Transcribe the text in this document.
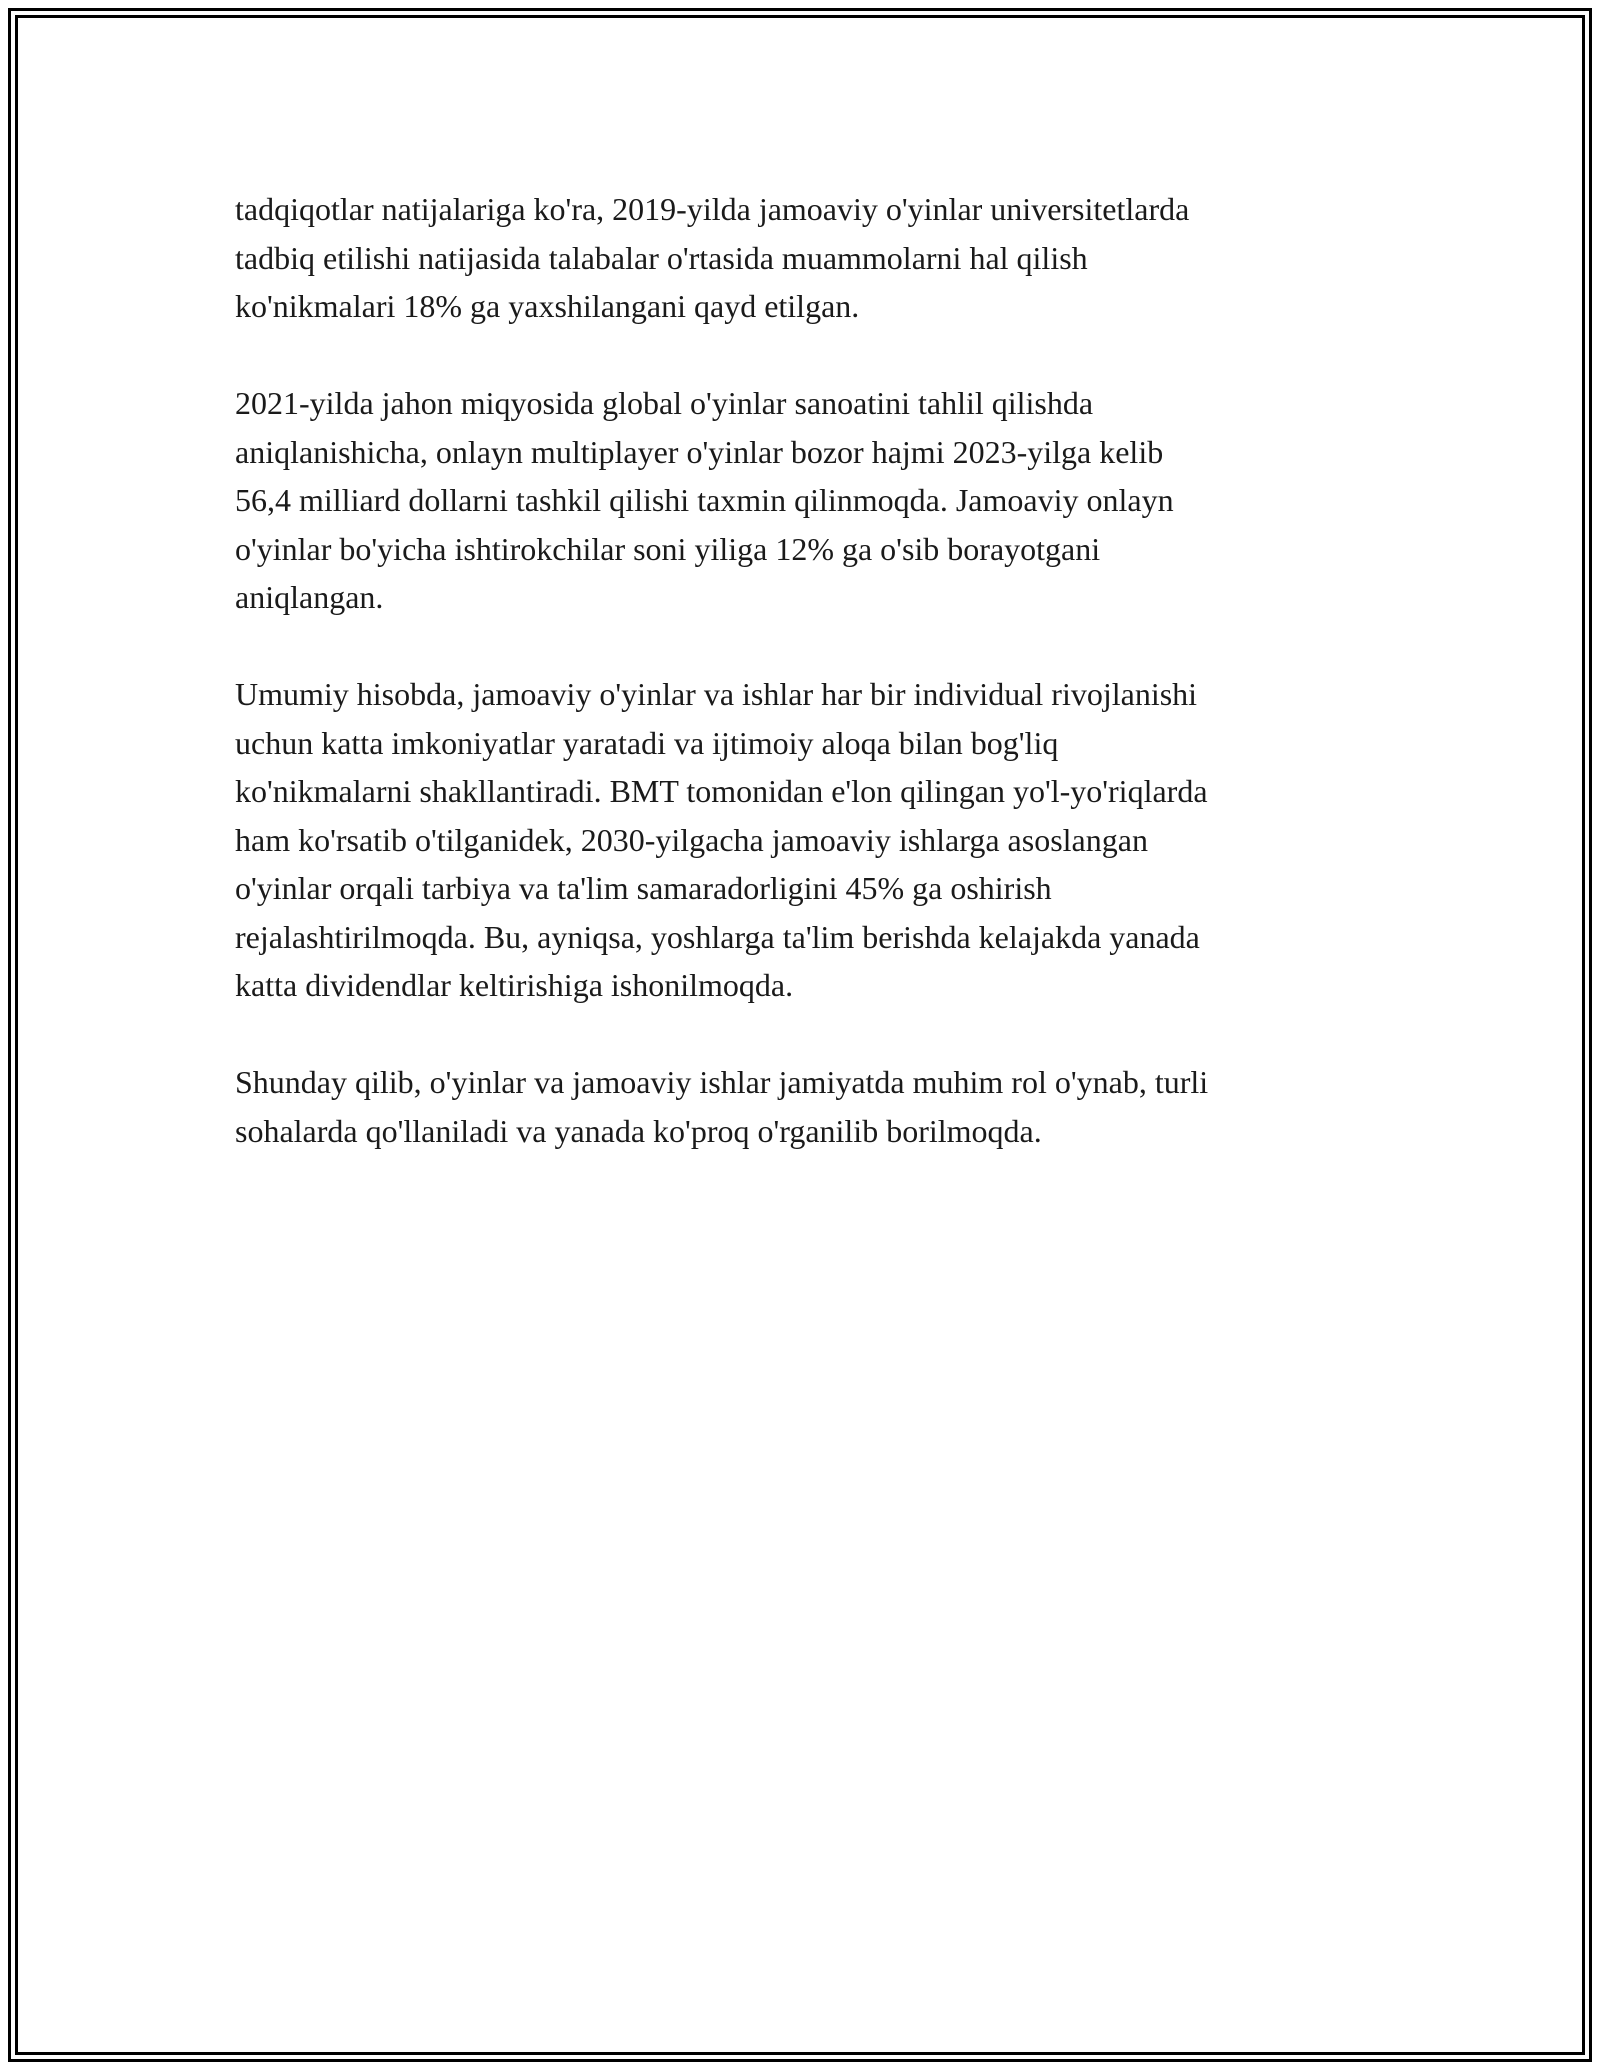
tadqiqotlar natijalariga ko'ra, 2019-yilda jamoaviy o'yinlar universitetlarda
tadbiq etilishi natijasida talabalar o'rtasida muammolarni hal qilish
ko'nikmalari 18% ga yaxshilangani qayd etilgan.

2021-yilda jahon miqyosida global o'yinlar sanoatini tahlil qilishda
aniqlanishicha, onlayn multiplayer o'yinlar bozor hajmi 2023-yilga kelib
56,4 milliard dollarni tashkil qilishi taxmin qilinmoqda. Jamoaviy onlayn
o'yinlar bo'yicha ishtirokchilar soni yiliga 12% ga o'sib borayotgani
aniqlangan.

Umumiy hisobda, jamoaviy o'yinlar va ishlar har bir individual rivojlanishi
uchun katta imkoniyatlar yaratadi va ijtimoiy aloqa bilan bog'liq
ko'nikmalarni shakllantiradi. BMT tomonidan e'lon qilingan yo'l-yo'riqlarda
ham ko'rsatib o'tilganidek, 2030-yilgacha jamoaviy ishlarga asoslangan
o'yinlar orqali tarbiya va ta'lim samaradorligini 45% ga oshirish
rejalashtirilmoqda. Bu, ayniqsa, yoshlarga ta'lim berishda kelajakda yanada
katta dividendlar keltirishiga ishonilmoqda.

Shunday qilib, o'yinlar va jamoaviy ishlar jamiyatda muhim rol o'ynab, turli
sohalarda qo'llaniladi va yanada ko'proq o'rganilib borilmoqda.
